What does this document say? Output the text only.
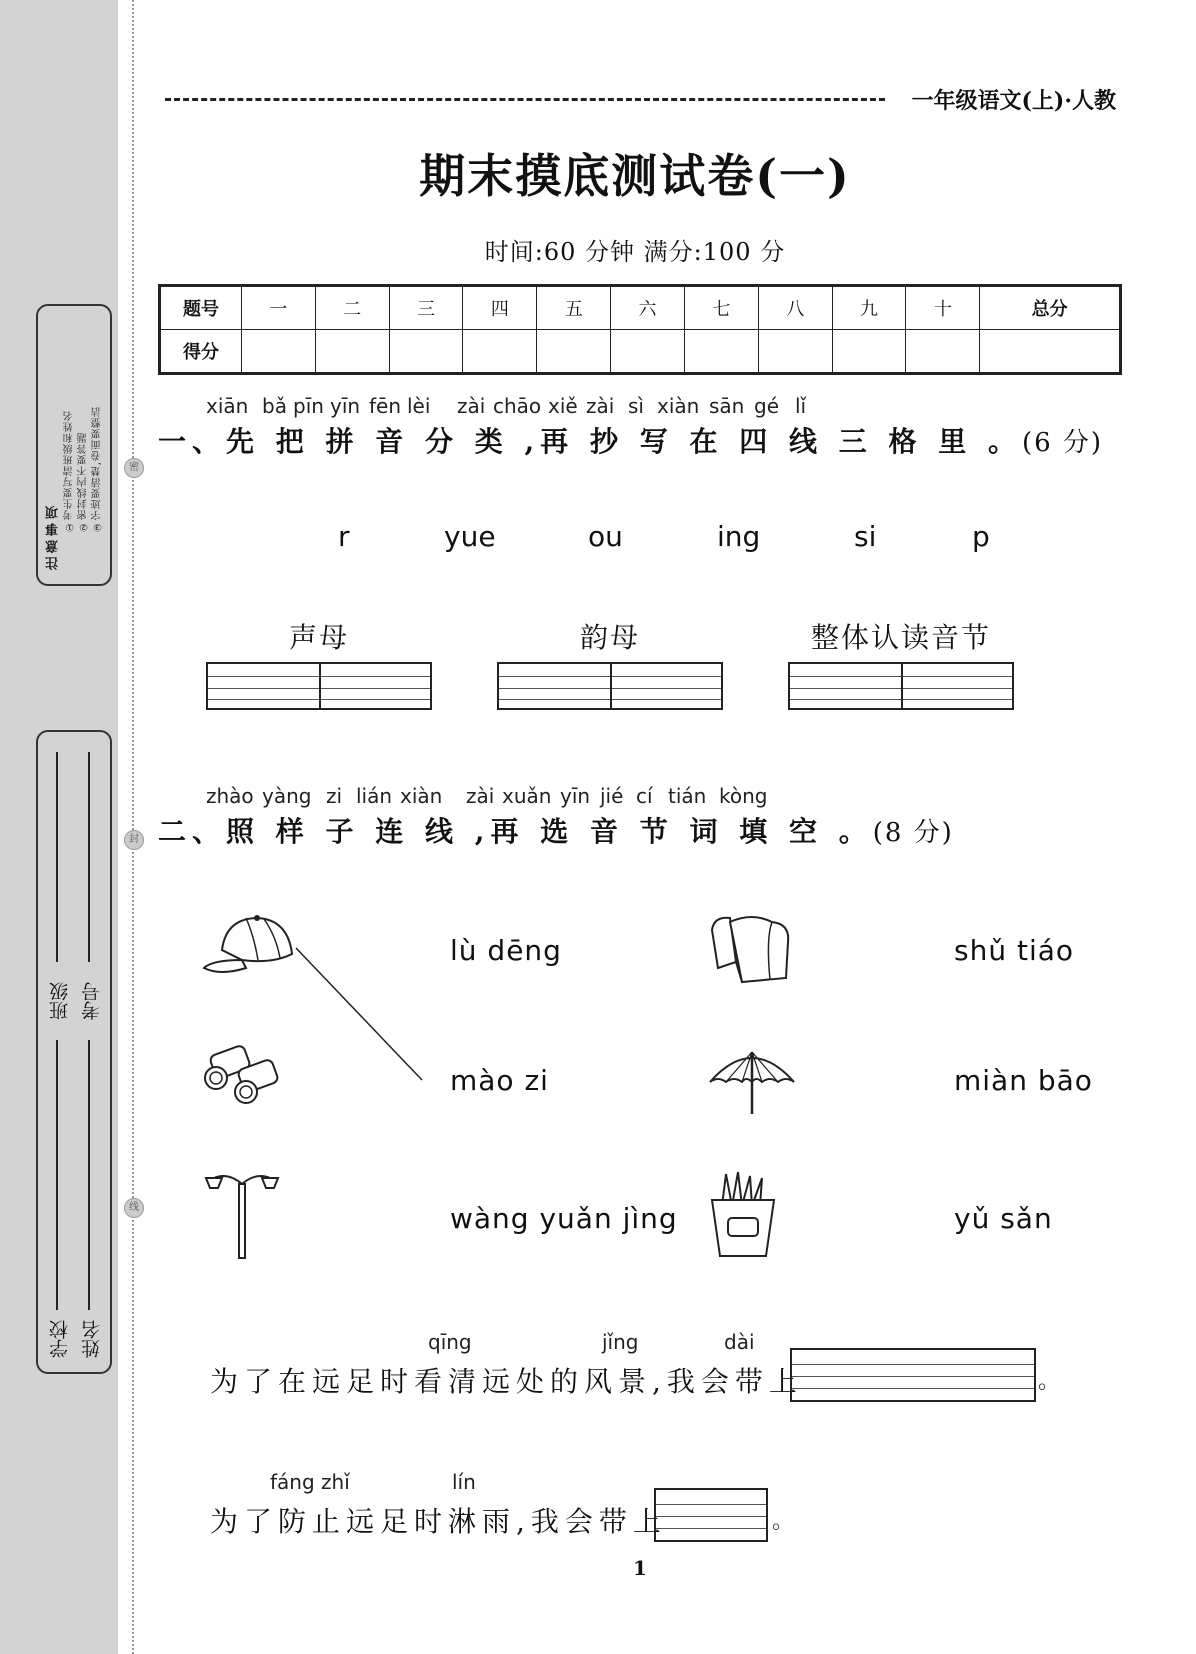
密
封
线
注意事项
①考生要写清班级和姓名 ②密封线内不要答题 ③字迹要清楚,卷面要整洁
学校 姓名
班级 考号
一年级语文(上)·人教
期末摸底测试卷(一)
时间:60 分钟 满分:100 分
题号	一	二	三	四	五	六	七	八	九	十	总分
得分											
xiān bǎ pīn yīn fēn lèi zài chāo xiě zài sì xiàn sān gé lǐ
一、先 把 拼 音 分 类 ,再 抄 写 在 四 线 三 格 里 。(6 分)
r	yue	ou	ing	si	p
声母	韵母	整体认读音节
zhào yàng zi lián xiàn zài xuǎn yīn jié cí tián kòng
二、照 样 子 连 线 ,再 选 音 节 词 填 空 。(8 分)
lù dēng
mào zi
wàng yuǎn jìng
shǔ tiáo
miàn bāo
yǔ sǎn
qīng	jǐng	dài
为了在远足时看清远处的风景,我会带上	。
fáng zhǐ	lín
为了防止远足时淋雨,我会带上	。
1
